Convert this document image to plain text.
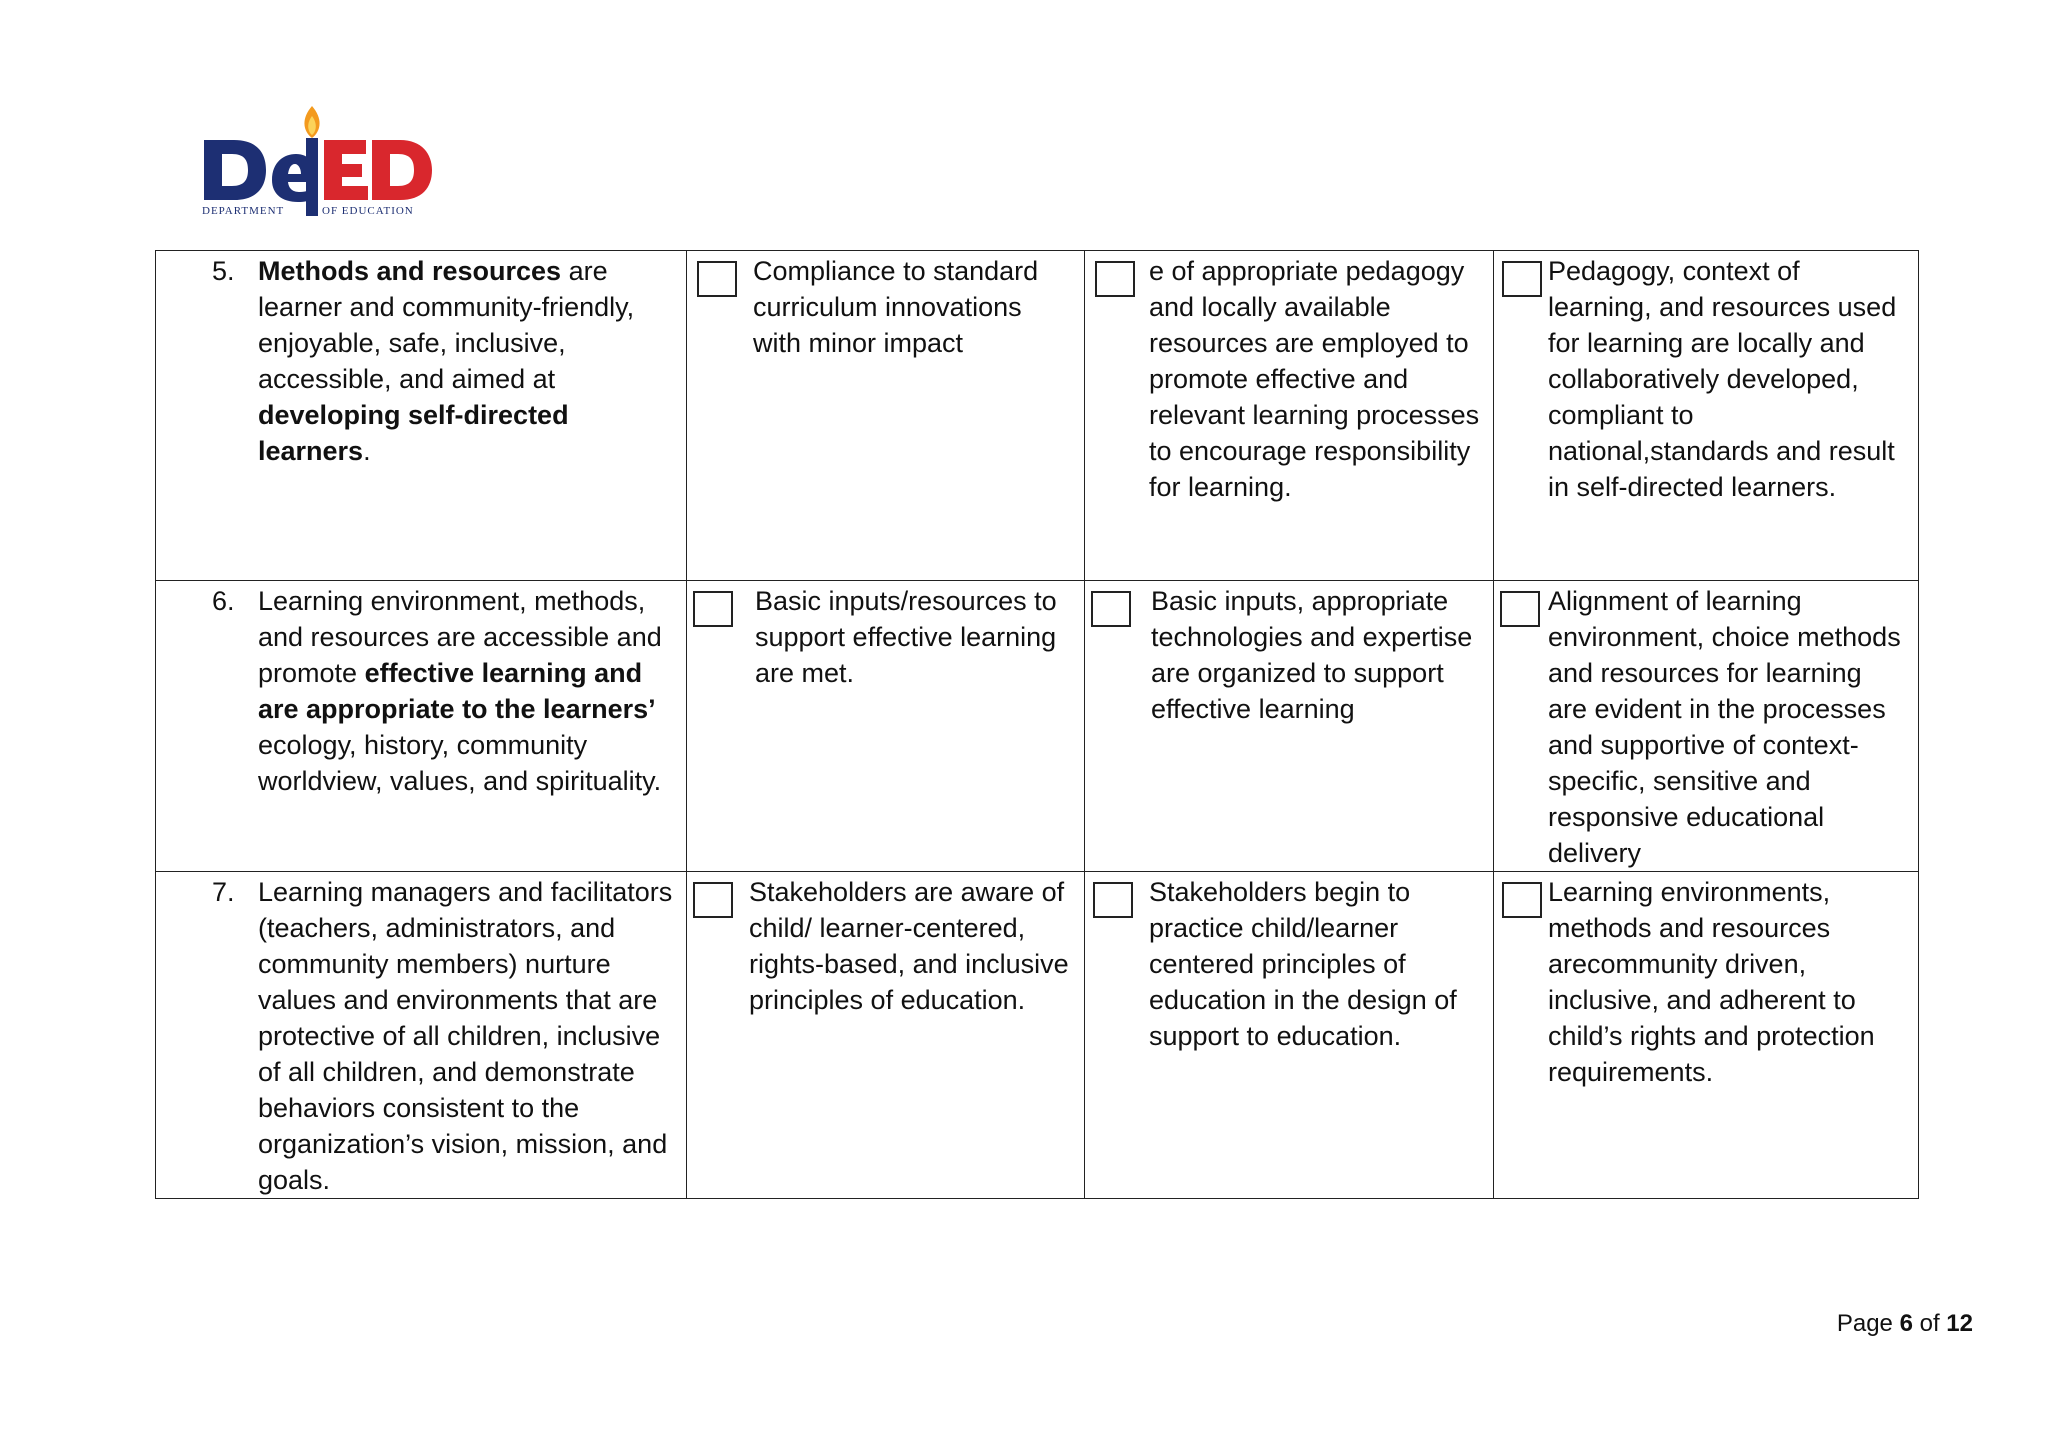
DEPARTMENT	OF EDUCATION
5. Methods and resources are learner and community-friendly, enjoyable, safe, inclusive, accessible, and aimed at developing self-directed learners.	Compliance to standard curriculum innovations with minor impact	e of appropriate pedagogy and locally available resources are employed to promote effective and relevant learning processes to encourage responsibility for learning.	Pedagogy, context of learning, and resources used for learning are locally and collaboratively developed, compliant to national,standards and result in self-directed learners.

6. Learning environment, methods, and resources are accessible and promote effective learning and are appropriate to the learners’ ecology, history, community worldview, values, and spirituality.	Basic inputs/resources to support effective learning are met.	Basic inputs, appropriate technologies and expertise are organized to support effective learning	Alignment of learning environment, choice methods and resources for learning are evident in the processes and supportive of context-specific, sensitive and responsive educational delivery

7. Learning managers and facilitators (teachers, administrators, and community members) nurture values and environments that are protective of all children, inclusive of all children, and demonstrate behaviors consistent to the organization’s vision, mission, and goals.	Stakeholders are aware of child/ learner-centered, rights-based, and inclusive principles of education.	Stakeholders begin to practice child/learner centered principles of education in the design of support to education.	Learning environments, methods and resources arecommunity driven, inclusive, and adherent to child’s rights and protection requirements.
Page 6 of 12
